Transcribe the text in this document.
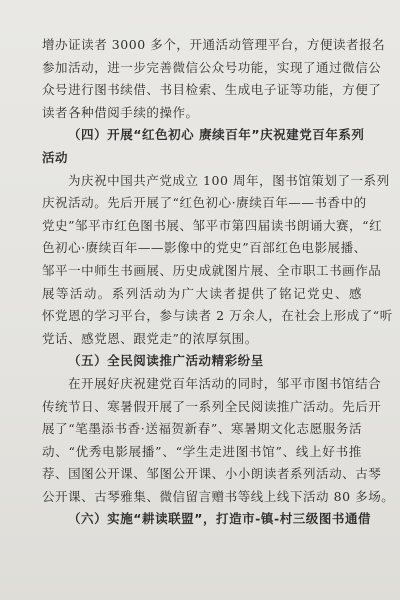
增办证读者 3000 多个，开通活动管理平台，方便读者报名
参加活动，进一步完善微信公众号功能，实现了通过微信公
众号进行图书续借、书目检索、生成电子证等功能，方便了
读者各种借阅手续的操作。
（四）开展“红色初心 赓续百年”庆祝建党百年系列
活动
为庆祝中国共产党成立 100 周年，图书馆策划了一系列
庆祝活动。先后开展了“红色初心·赓续百年——书香中的
党史”邹平市红色图书展、邹平市第四届读书朗诵大赛，“红
色初心·赓续百年——影像中的党史”百部红色电影展播、
邹平一中师生书画展、历史成就图片展、全市职工书画作品
展等活动。系列活动为广大读者提供了铭记党史、感
怀党恩的学习平台，参与读者 2 万余人，在社会上形成了“听
党话、感党恩、跟党走”的浓厚氛围。
（五）全民阅读推广活动精彩纷呈
在开展好庆祝建党百年活动的同时，邹平市图书馆结合
传统节日、寒暑假开展了一系列全民阅读推广活动。先后开
展了“笔墨添书香·送福贺新春”、寒暑期文化志愿服务活
动、“优秀电影展播”、“学生走进图书馆”、线上好书推
荐、国图公开课、邹图公开课、小小朗读者系列活动、古琴
公开课、古琴雅集、微信留言赠书等线上线下活动 80 多场。
（六）实施“耕读联盟”，打造市-镇-村三级图书通借
